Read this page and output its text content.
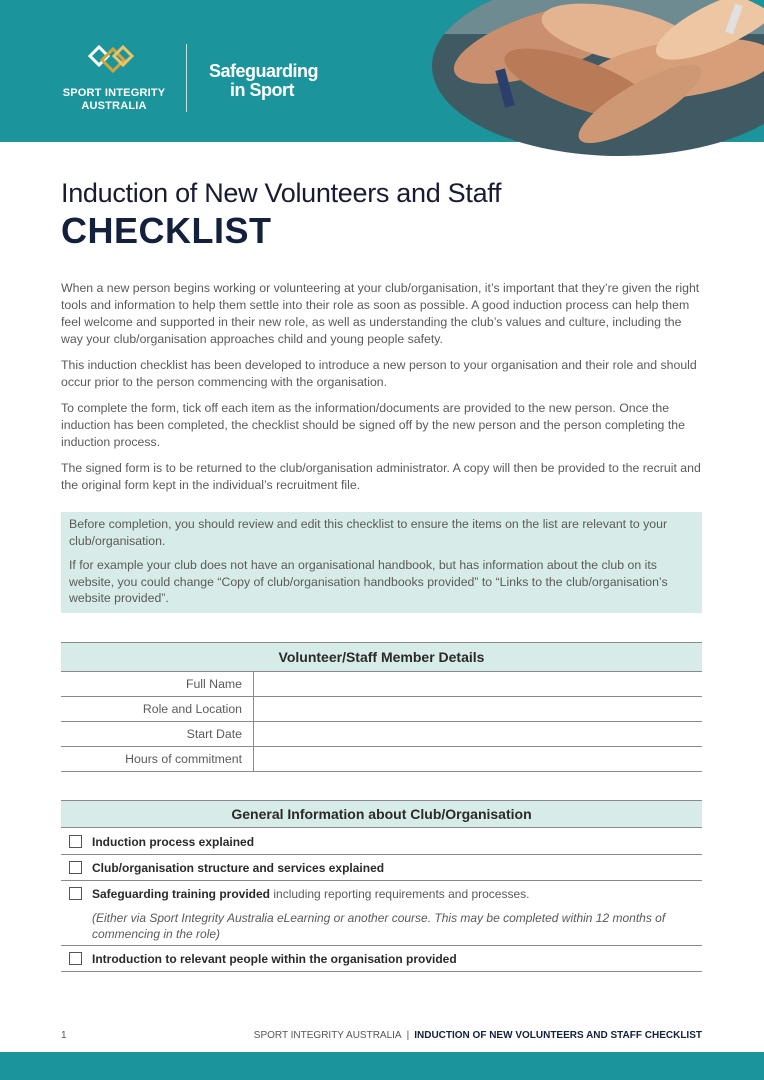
SPORT INTEGRITY
AUSTRALIA
Safeguarding
in Sport
Induction of New Volunteers and Staff
CHECKLIST

When a new person begins working or volunteering at your club/organisation, it’s important that they’re given the right tools and information to help them settle into their role as soon as possible. A good induction process can help them feel welcome and supported in their new role, as well as understanding the club’s values and culture, including the way your club/organisation approaches child and young people safety.

This induction checklist has been developed to introduce a new person to your organisation and their role and should occur prior to the person commencing with the organisation.

To complete the form, tick off each item as the information/documents are provided to the new person. Once the induction has been completed, the checklist should be signed off by the new person and the person completing the induction process.

The signed form is to be returned to the club/organisation administrator. A copy will then be provided to the recruit and the original form kept in the individual’s recruitment file.

Before completion, you should review and edit this checklist to ensure the items on the list are relevant to your club/organisation.

If for example your club does not have an organisational handbook, but has information about the club on its website, you could change “Copy of club/organisation handbooks provided” to “Links to the club/organisation’s website provided”.

Volunteer/Staff Member Details	
Full Name	
Role and Location	
Start Date	
Hours of commitment	
General Information about Club/Organisation
Induction process explained
Club/organisation structure and services explained
Safeguarding training provided including reporting requirements and processes.
(Either via Sport Integrity Australia eLearning or another course. This may be completed within 12 months of commencing in the role)
Introduction to relevant people within the organisation provided
1	SPORT INTEGRITY AUSTRALIA | INDUCTION OF NEW VOLUNTEERS AND STAFF CHECKLIST
